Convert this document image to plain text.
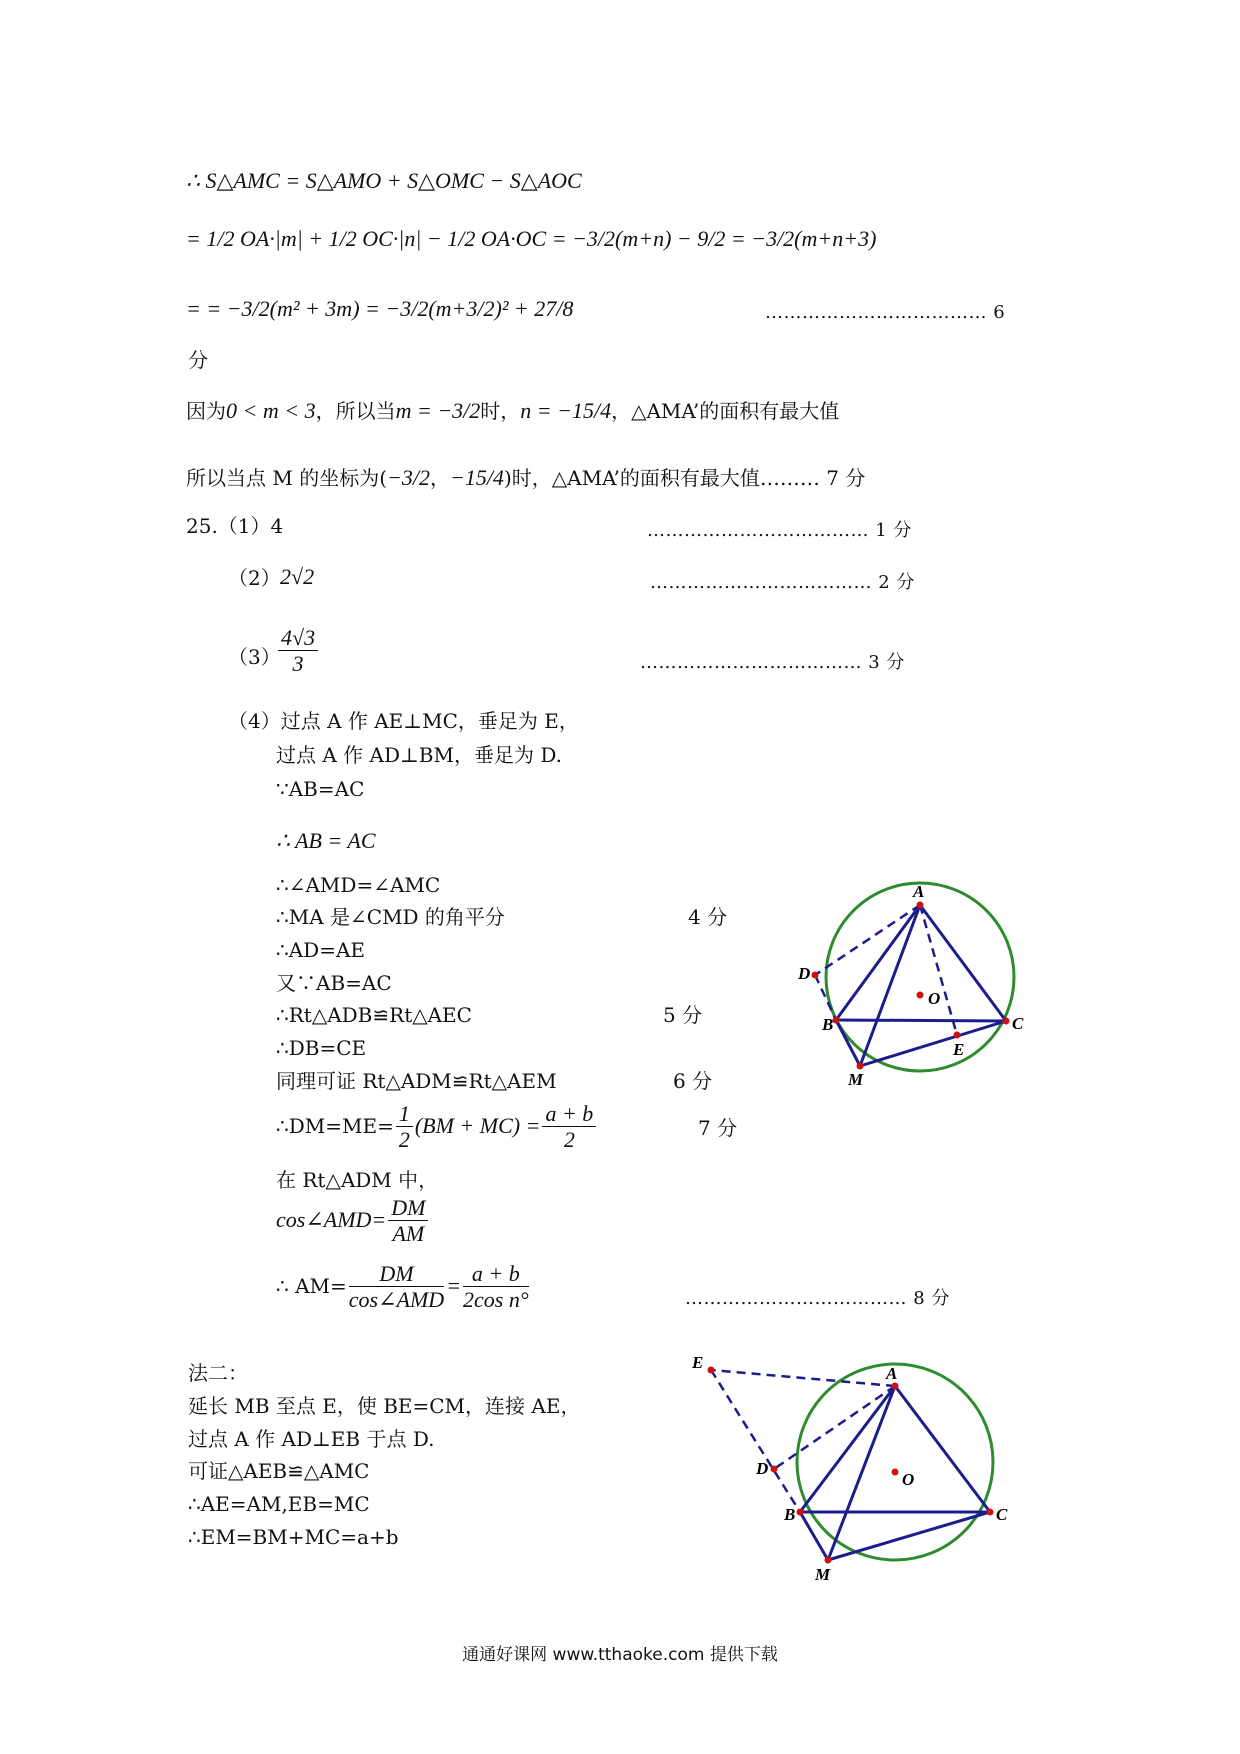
∴ S△AMC = S△AMO + S△OMC − S△AOC
= 1/2 OA·|m| + 1/2 OC·|n| − 1/2 OA·OC = −3/2(m+n) − 9/2 = −3/2(m+n+3)
= = −3/2(m² + 3m) = −3/2(m+3/2)² + 27/8	……………………………… 6
分
因为0 < m < 3，所以当m = −3/2时，n = −15/4，△AMA’的面积有最大值
所以当点 M 的坐标为(−3/2，−15/4)时，△AMA’的面积有最大值……… 7 分
25.（1）4	……………………………… 1 分
（2） 2√2	……………………………… 2 分
（3）
$\frac{4√3}{3}$	……………………………… 3 分
（4）过点 A 作 AE⊥MC，垂足为 E，
过点 A 作 AD⊥BM，垂足为 D.
∵AB=AC
∴ AB = AC
∴∠AMD=∠AMC
∴MA 是∠CMD 的角平分	4 分
∴AD=AE
又∵AB=AC
∴Rt△ADB≌Rt△AEC	5 分
∴DB=CE
同理可证 Rt△ADM≌Rt△AEM	6 分
∴DM=ME= $\frac{1}{2} (BM + MC) = \frac{a + b}{2}$	7 分
在 Rt△ADM 中，
cos∠AMD= $\frac{DM}{AM}$
∴ $AM= \frac{DM}{\text{cos∠AMD}} = \frac{a + b}{\text{2cos n°}}$	……………………………… 8 分
法二：
延长 MB 至点 E，使 BE=CM，连接 AE，
过点 A 作 AD⊥EB 于点 D.
可证△AEB≌△AMC
∴AE=AM,EB=MC
∴EM=BM+MC=a+b
A
B	C
D
E
M
O
A
B	C
D
E
M
O
通通好课网 www.tthaoke.com 提供下载
